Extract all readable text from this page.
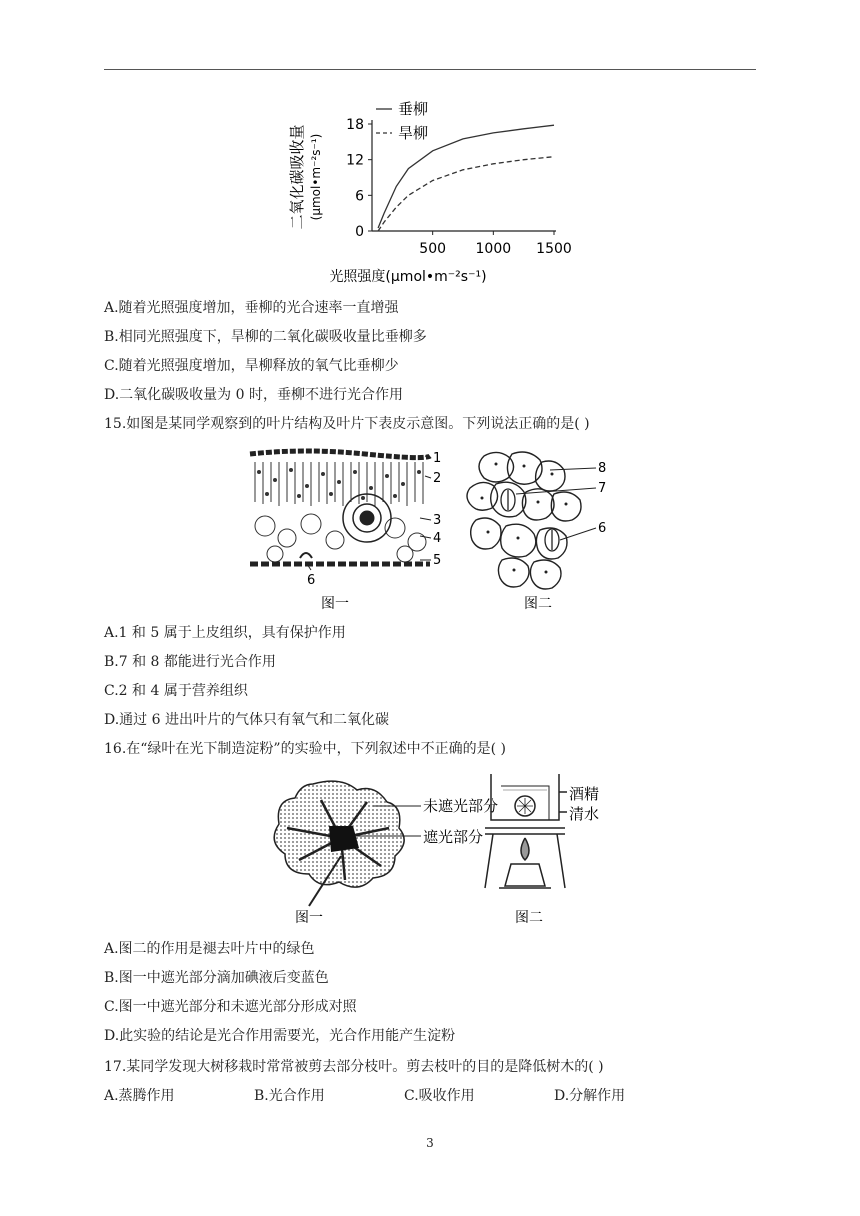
0
6
12
18
500 1000 1500
二氧化碳吸收量 (μmol•m⁻²s⁻¹)
光照强度(μmol•m⁻²s⁻¹)
垂柳
旱柳
A.随着光照强度增加，垂柳的光合速率一直增强
B.相同光照强度下，旱柳的二氧化碳吸收量比垂柳多
C.随着光照强度增加，旱柳释放的氧气比垂柳少
D.二氧化碳吸收量为 0 时，垂柳不进行光合作用
15.如图是某同学观察到的叶片结构及叶片下表皮示意图。下列说法正确的是( )
1
2
3
4
5
6
图一
8
7
6
图二
A.1 和 5 属于上皮组织，具有保护作用
B.7 和 8 都能进行光合作用
C.2 和 4 属于营养组织
D.通过 6 进出叶片的气体只有氧气和二氧化碳
16.在“绿叶在光下制造淀粉”的实验中，下列叙述中不正确的是( )
未遮光部分
遮光部分
图一
酒精
清水
图二
A.图二的作用是褪去叶片中的绿色
B.图一中遮光部分滴加碘液后变蓝色
C.图一中遮光部分和未遮光部分形成对照
D.此实验的结论是光合作用需要光，光合作用能产生淀粉
17.某同学发现大树移栽时常常被剪去部分枝叶。剪去枝叶的目的是降低树木的( )
A.蒸腾作用	B.光合作用	C.吸收作用	D.分解作用
3
